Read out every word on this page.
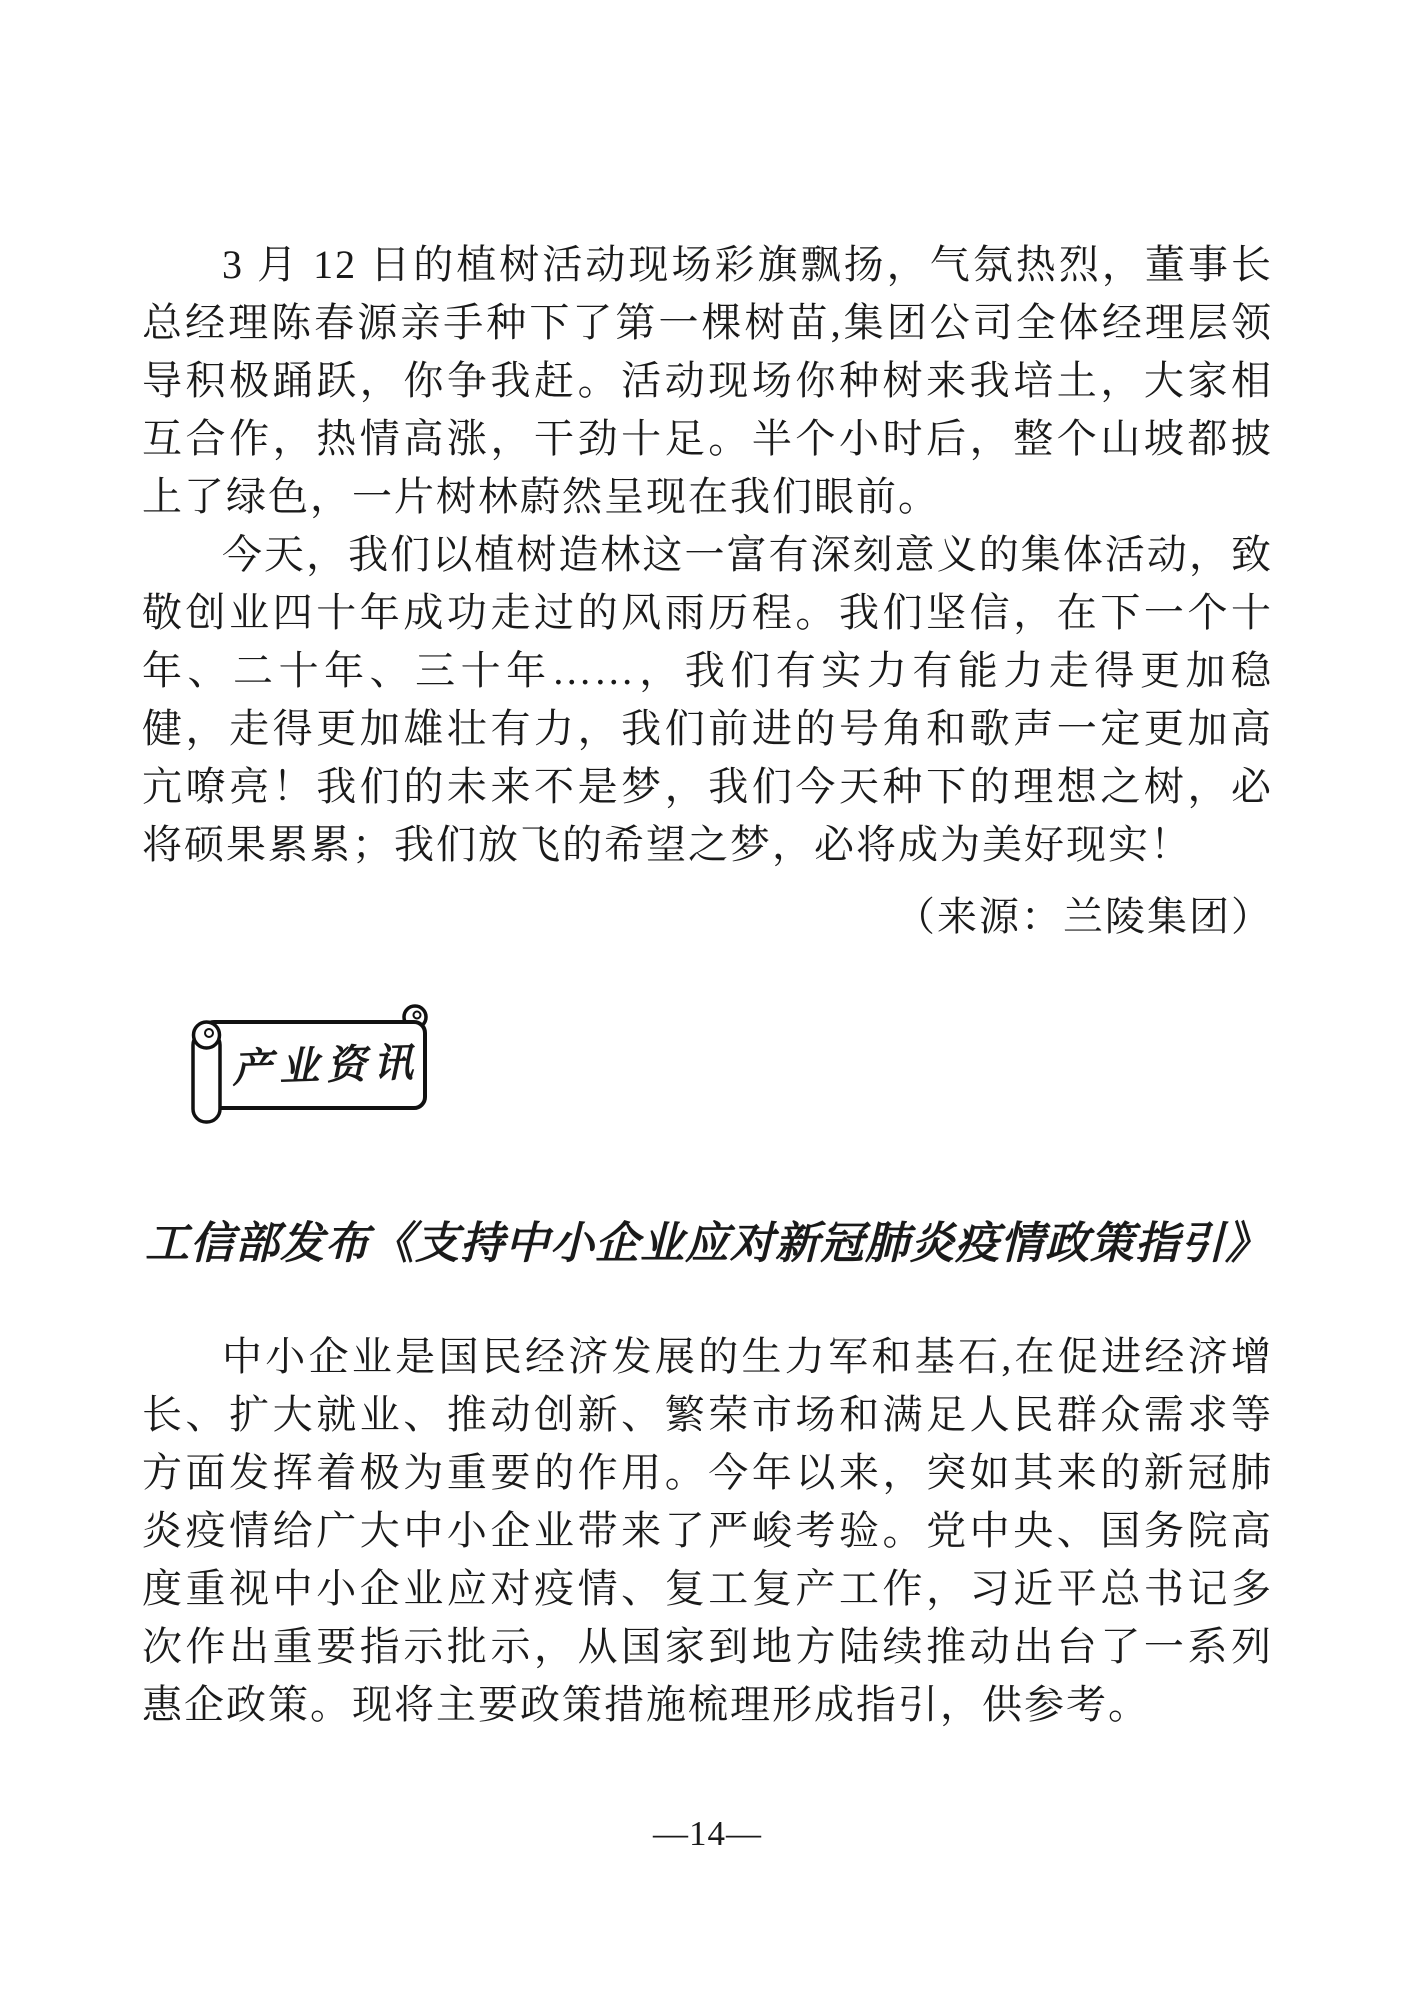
3 月 12 日的植树活动现场彩旗飘扬，气氛热烈，董事长总经理陈春源亲手种下了第一棵树苗,集团公司全体经理层领导积极踊跃，你争我赶。活动现场你种树来我培土，大家相互合作，热情高涨，干劲十足。半个小时后，整个山坡都披上了绿色，一片树林蔚然呈现在我们眼前。

今天，我们以植树造林这一富有深刻意义的集体活动，致敬创业四十年成功走过的风雨历程。我们坚信，在下一个十年、二十年、三十年……，我们有实力有能力走得更加稳健，走得更加雄壮有力，我们前进的号角和歌声一定更加高亢嘹亮！我们的未来不是梦，我们今天种下的理想之树，必将硕果累累；我们放飞的希望之梦，必将成为美好现实！

（来源：兰陵集团）

产业资讯
工信部发布《支持中小企业应对新冠肺炎疫情政策指引》

中小企业是国民经济发展的生力军和基石,在促进经济增长、扩大就业、推动创新、繁荣市场和满足人民群众需求等方面发挥着极为重要的作用。今年以来，突如其来的新冠肺炎疫情给广大中小企业带来了严峻考验。党中央、国务院高度重视中小企业应对疫情、复工复产工作，习近平总书记多次作出重要指示批示，从国家到地方陆续推动出台了一系列惠企政策。现将主要政策措施梳理形成指引，供参考。

—14—
